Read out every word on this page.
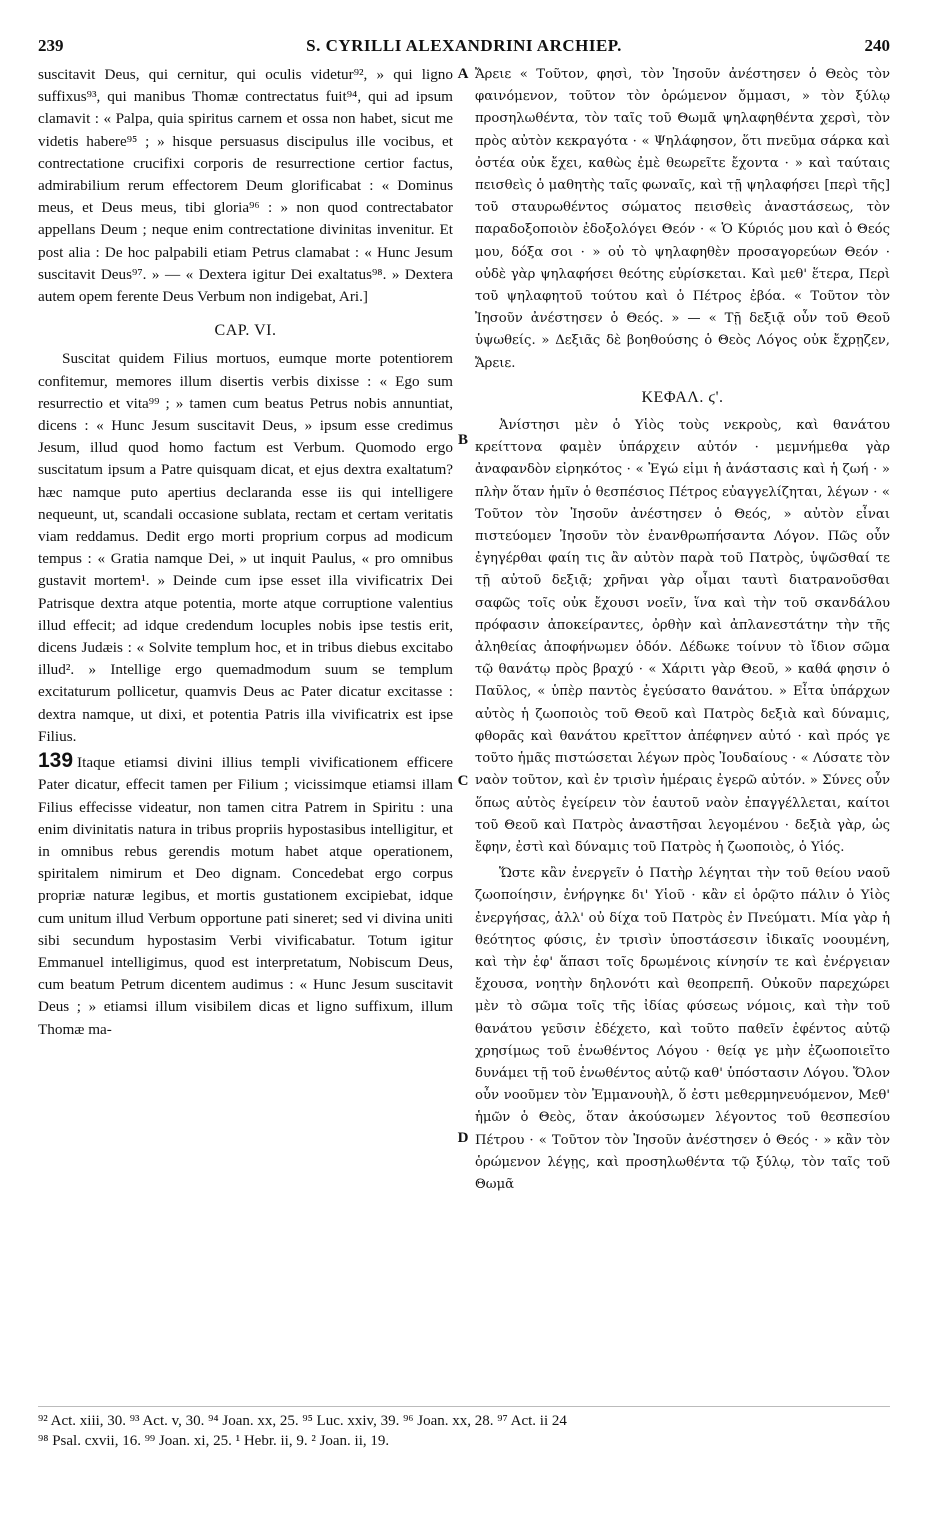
239	S. CYRILLI ALEXANDRINI ARCHIEP.	240
A
B
C
D

suscitavit Deus, qui cernitur, qui oculis videtur⁹², » qui ligno suffixus⁹³, qui manibus Thomæ contrectatus fuit⁹⁴, qui ad ipsum clamavit : « Palpa, quia spiritus carnem et ossa non habet, sicut me videtis habere⁹⁵ ; » hisque persuasus discipulus ille vocibus, et contrectatione crucifixi corporis de resurrectione certior factus, admirabilium rerum effectorem Deum glorificabat : « Dominus meus, et Deus meus, tibi gloria⁹⁶ : » non quod contrectabator appellans Deum ; neque enim contrectatione divinitas invenitur. Et post alia : De hoc palpabili etiam Petrus clamabat : « Hunc Jesum suscitavit Deus⁹⁷. » — « Dextera igitur Dei exaltatus⁹⁸. » Dextera autem opem ferente Deus Verbum non indigebat, Ari.]

CAP. VI.

Suscitat quidem Filius mortuos, eumque morte potentiorem confitemur, memores illum disertis verbis dixisse : « Ego sum resurrectio et vita⁹⁹ ; » tamen cum beatus Petrus nobis annuntiat, dicens : « Hunc Jesum suscitavit Deus, » ipsum esse credimus Jesum, illud quod homo factum est Verbum. Quomodo ergo suscitatum ipsum a Patre quisquam dicat, et ejus dextra exaltatum? hæc namque puto apertius declaranda esse iis qui intelligere nequeunt, ut, scandali occasione sublata, rectam et certam veritatis viam reddamus. Dedit ergo morti proprium corpus ad modicum tempus : « Gratia namque Dei, » ut inquit Paulus, « pro omnibus gustavit mortem¹. » Deinde cum ipse esset illa vivificatrix Dei Patrisque dextra atque potentia, morte atque corruptione valentius illud effecit; ad idque credendum locuples nobis ipse testis erit, dicens Judæis : « Solvite templum hoc, et in tribus diebus excitabo illud². » Intellige ergo quemadmodum suum se templum excitaturum pollicetur, quamvis Deus ac Pater dicatur excitasse : dextra namque, ut dixi, et potentia Patris illa vivificatrix est ipse Filius.

139 Itaque etiamsi divini illius templi vivificationem efficere Pater dicatur, effecit tamen per Filium ; vicissimque etiamsi illam Filius effecisse videatur, non tamen citra Patrem in Spiritu : una enim divinitatis natura in tribus propriis hypostasibus intelligitur, et in omnibus rebus gerendis motum habet atque operationem, spiritalem nimirum et Deo dignam. Concedebat ergo corpus propriæ naturæ legibus, et mortis gustationem excipiebat, idque cum unitum illud Verbum opportune pati sineret; sed vi divina uniti sibi secundum hypostasim Verbi vivificabatur. Totum igitur Emmanuel intelligimus, quod est interpretatum, Nobiscum Deus, cum beatum Petrum dicentem audimus : « Hunc Jesum suscitavit Deus ; » etiamsi illum visibilem dicas et ligno suffixum, illum Thomæ ma-

Ἄρειε « Τοῦτον, φησὶ, τὸν Ἰησοῦν ἀνέστησεν ὁ Θεὸς τὸν φαινόμενον, τοῦτον τὸν ὁρώμενον ὄμμασι, » τὸν ξύλῳ προσηλωθέντα, τὸν ταῖς τοῦ Θωμᾶ ψηλαφηθέντα χερσὶ, τὸν πρὸς αὐτὸν κεκραγότα · « Ψηλάφησον, ὅτι πνεῦμα σάρκα καὶ ὀστέα οὐκ ἔχει, καθὼς ἐμὲ θεωρεῖτε ἔχοντα · » καὶ ταύταις πεισθεὶς ὁ μαθητὴς ταῖς φωναῖς, καὶ τῇ ψηλαφήσει [περὶ τῆς] τοῦ σταυρωθέντος σώματος πεισθεὶς ἀναστάσεως, τὸν παραδοξοποιὸν ἐδοξολόγει Θεόν · « Ὁ Κύριός μου καὶ ὁ Θεός μου, δόξα σοι · » οὐ τὸ ψηλαφηθὲν προσαγορεύων Θεόν · οὐδὲ γὰρ ψηλαφήσει θεότης εὑρίσκεται. Καὶ μεθ' ἕτερα, Περὶ τοῦ ψηλαφητοῦ τούτου καὶ ὁ Πέτρος ἐβόα. « Τοῦτον τὸν Ἰησοῦν ἀνέστησεν ὁ Θεός. » — « Τῇ δεξιᾷ οὖν τοῦ Θεοῦ ὑψωθείς. » Δεξιᾶς δὲ βοηθούσης ὁ Θεὸς Λόγος οὐκ ἔχρῃζεν, Ἄρειε.

ΚΕΦΑΛ. ϛ'.

Ἀνίστησι μὲν ὁ Υἱὸς τοὺς νεκροὺς, καὶ θανάτου κρείττονα φαμὲν ὑπάρχειν αὐτόν · μεμνήμεθα γὰρ ἀναφανδὸν εἰρηκότος · « Ἐγώ εἰμι ἡ ἀνάστασις καὶ ἡ ζωή · » πλὴν ὅταν ἡμῖν ὁ θεσπέσιος Πέτρος εὐαγγελίζηται, λέγων · « Τοῦτον τὸν Ἰησοῦν ἀνέστησεν ὁ Θεός, » αὐτὸν εἶναι πιστεύομεν Ἰησοῦν τὸν ἐνανθρωπήσαντα Λόγον. Πῶς οὖν ἐγηγέρθαι φαίη τις ἂν αὐτὸν παρὰ τοῦ Πατρὸς, ὑψῶσθαί τε τῇ αὐτοῦ δεξιᾷ; χρῆναι γὰρ οἶμαι ταυτὶ διατρανοῦσθαι σαφῶς τοῖς οὐκ ἔχουσι νοεῖν, ἵνα καὶ τὴν τοῦ σκανδάλου πρόφασιν ἀποκείραντες, ὀρθὴν καὶ ἀπλανεστάτην τὴν τῆς ἀληθείας ἀποφήνωμεν ὁδόν. Δέδωκε τοίνυν τὸ ἴδιον σῶμα τῷ θανάτῳ πρὸς βραχύ · « Χάριτι γὰρ Θεοῦ, » καθά φησιν ὁ Παῦλος, « ὑπὲρ παντὸς ἐγεύσατο θανάτου. » Εἶτα ὑπάρχων αὐτὸς ἡ ζωοποιὸς τοῦ Θεοῦ καὶ Πατρὸς δεξιὰ καὶ δύναμις, φθορᾶς καὶ θανάτου κρεῖττον ἀπέφηνεν αὐτό · καὶ πρός γε τοῦτο ἡμᾶς πιστώσεται λέγων πρὸς Ἰουδαίους · « Λύσατε τὸν ναὸν τοῦτον, καὶ ἐν τρισὶν ἡμέραις ἐγερῶ αὐτόν. » Σύνες οὖν ὅπως αὐτὸς ἐγείρειν τὸν ἑαυτοῦ ναὸν ἐπαγγέλλεται, καίτοι τοῦ Θεοῦ καὶ Πατρὸς ἀναστῆσαι λεγομένου · δεξιὰ γὰρ, ὡς ἔφην, ἐστὶ καὶ δύναμις τοῦ Πατρὸς ἡ ζωοποιὸς, ὁ Υἱός.

Ὥστε κἂν ἐνεργεῖν ὁ Πατὴρ λέγηται τὴν τοῦ θείου ναοῦ ζωοποίησιν, ἐνήργηκε δι' Υἱοῦ · κἂν εἰ ὁρῷτο πάλιν ὁ Υἱὸς ἐνεργήσας, ἀλλ' οὐ δίχα τοῦ Πατρὸς ἐν Πνεύματι. Μία γὰρ ἡ θεότητος φύσις, ἐν τρισὶν ὑποστάσεσιν ἰδικαῖς νοουμένη, καὶ τὴν ἐφ' ἅπασι τοῖς δρωμένοις κίνησίν τε καὶ ἐνέργειαν ἔχουσα, νοητὴν δηλονότι καὶ θεοπρεπῆ. Οὐκοῦν παρεχώρει μὲν τὸ σῶμα τοῖς τῆς ἰδίας φύσεως νόμοις, καὶ τὴν τοῦ θανάτου γεῦσιν ἐδέχετο, καὶ τοῦτο παθεῖν ἐφέντος αὐτῷ χρησίμως τοῦ ἑνωθέντος Λόγου · θείᾳ γε μὴν ἐζωοποιεῖτο δυνάμει τῇ τοῦ ἑνωθέντος αὐτῷ καθ' ὑπόστασιν Λόγου. Ὅλον οὖν νοοῦμεν τὸν Ἐμμανουὴλ, ὅ ἐστι μεθερμηνευόμενον, Μεθ' ἡμῶν ὁ Θεὸς, ὅταν ἀκούσωμεν λέγοντος τοῦ θεσπεσίου Πέτρου · « Τοῦτον τὸν Ἰησοῦν ἀνέστησεν ὁ Θεός · » κἂν τὸν ὁρώμενον λέγῃς, καὶ προσηλωθέντα τῷ ξύλῳ, τὸν ταῖς τοῦ Θωμᾶ

⁹² Act. xiii, 30. ⁹³ Act. v, 30. ⁹⁴ Joan. xx, 25. ⁹⁵ Luc. xxiv, 39. ⁹⁶ Joan. xx, 28. ⁹⁷ Act. ii 24
⁹⁸ Psal. cxvii, 16. ⁹⁹ Joan. xi, 25. ¹ Hebr. ii, 9. ² Joan. ii, 19.
